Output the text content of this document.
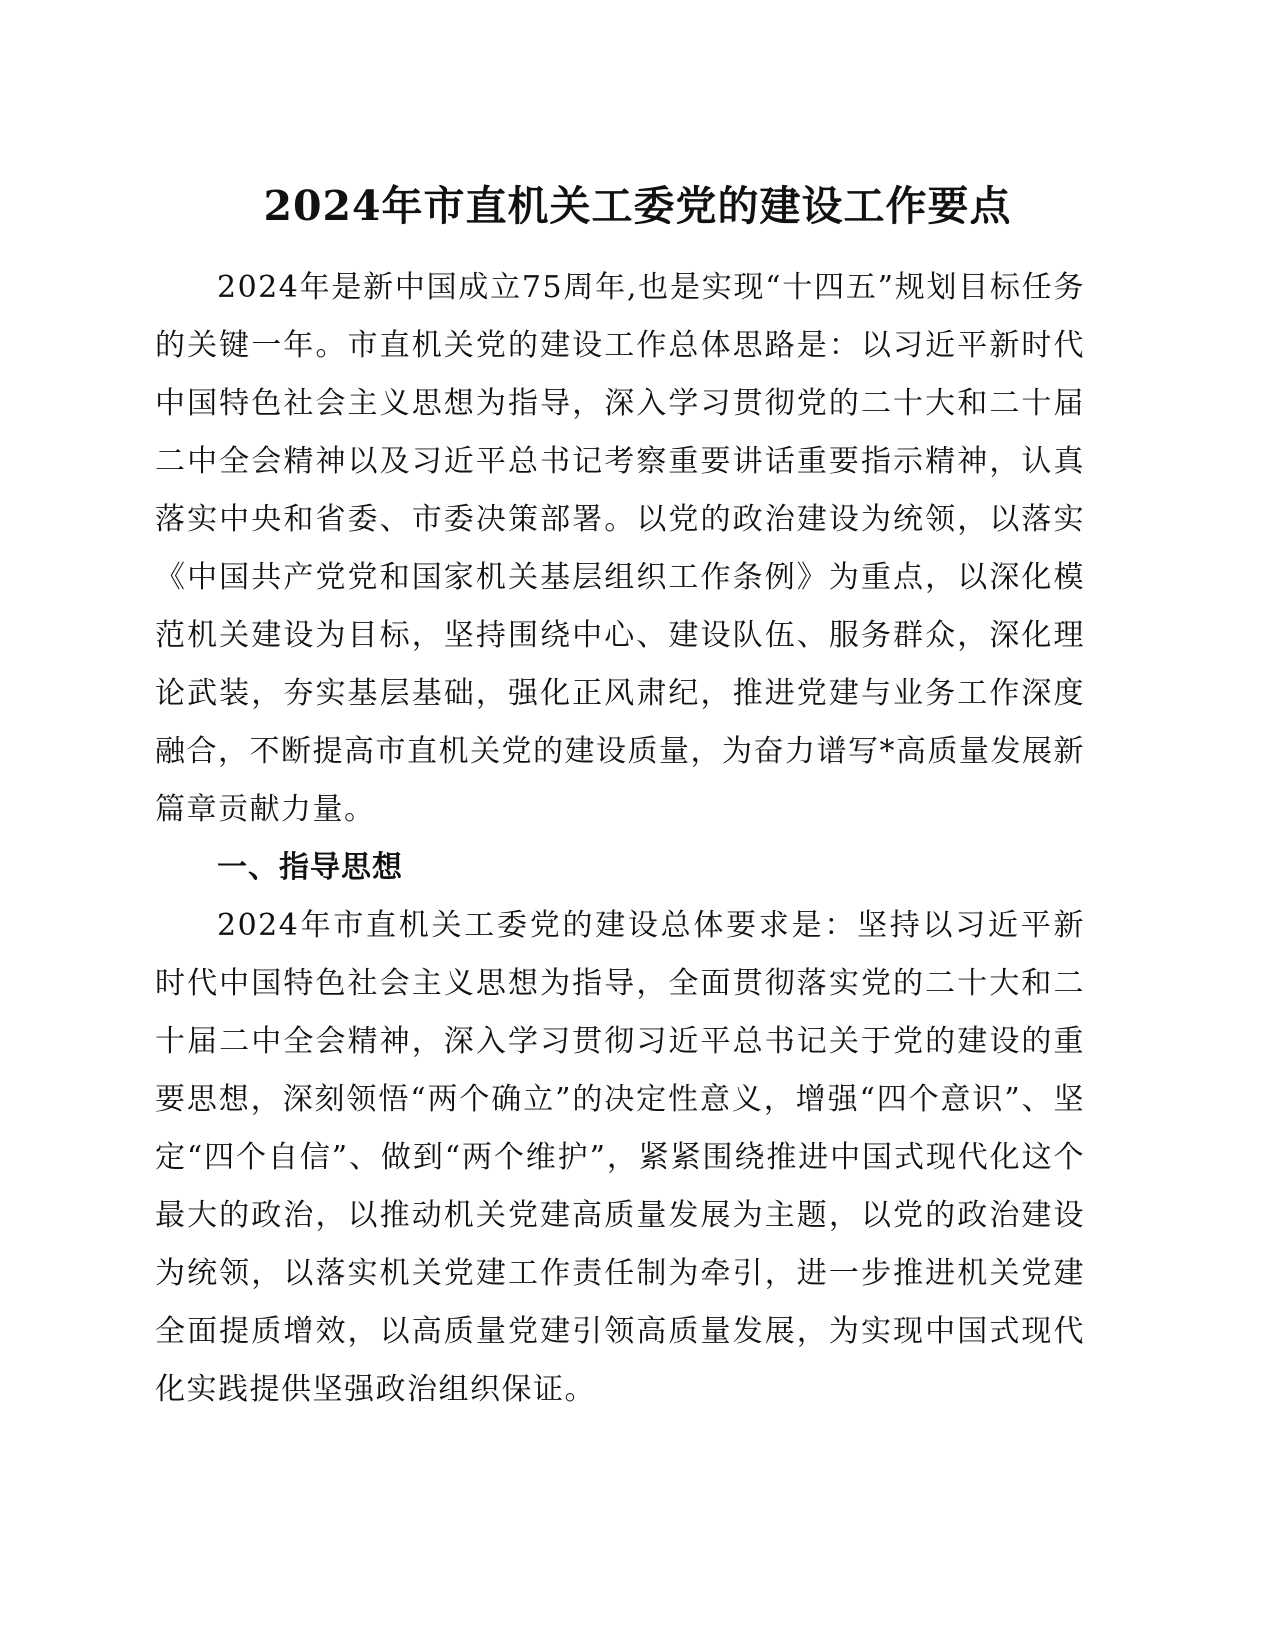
2024年市直机关工委党的建设工作要点

2024年是新中国成立75周年,也是实现“十四五”规划目标任务的关键一年。市直机关党的建设工作总体思路是：以习近平新时代中国特色社会主义思想为指导，深入学习贯彻党的二十大和二十届二中全会精神以及习近平总书记考察重要讲话重要指示精神，认真落实中央和省委、市委决策部署。以党的政治建设为统领，以落实《中国共产党党和国家机关基层组织工作条例》为重点，以深化模范机关建设为目标，坚持围绕中心、建设队伍、服务群众，深化理论武装，夯实基层基础，强化正风肃纪，推进党建与业务工作深度融合，不断提高市直机关党的建设质量，为奋力谱写*高质量发展新篇章贡献力量。

一、指导思想

2024年市直机关工委党的建设总体要求是：坚持以习近平新时代中国特色社会主义思想为指导，全面贯彻落实党的二十大和二十届二中全会精神，深入学习贯彻习近平总书记关于党的建设的重要思想，深刻领悟“两个确立”的决定性意义，增强“四个意识”、坚定“四个自信”、做到“两个维护”，紧紧围绕推进中国式现代化这个最大的政治，以推动机关党建高质量发展为主题，以党的政治建设为统领，以落实机关党建工作责任制为牵引，进一步推进机关党建全面提质增效，以高质量党建引领高质量发展，为实现中国式现代化实践提供坚强政治组织保证。
